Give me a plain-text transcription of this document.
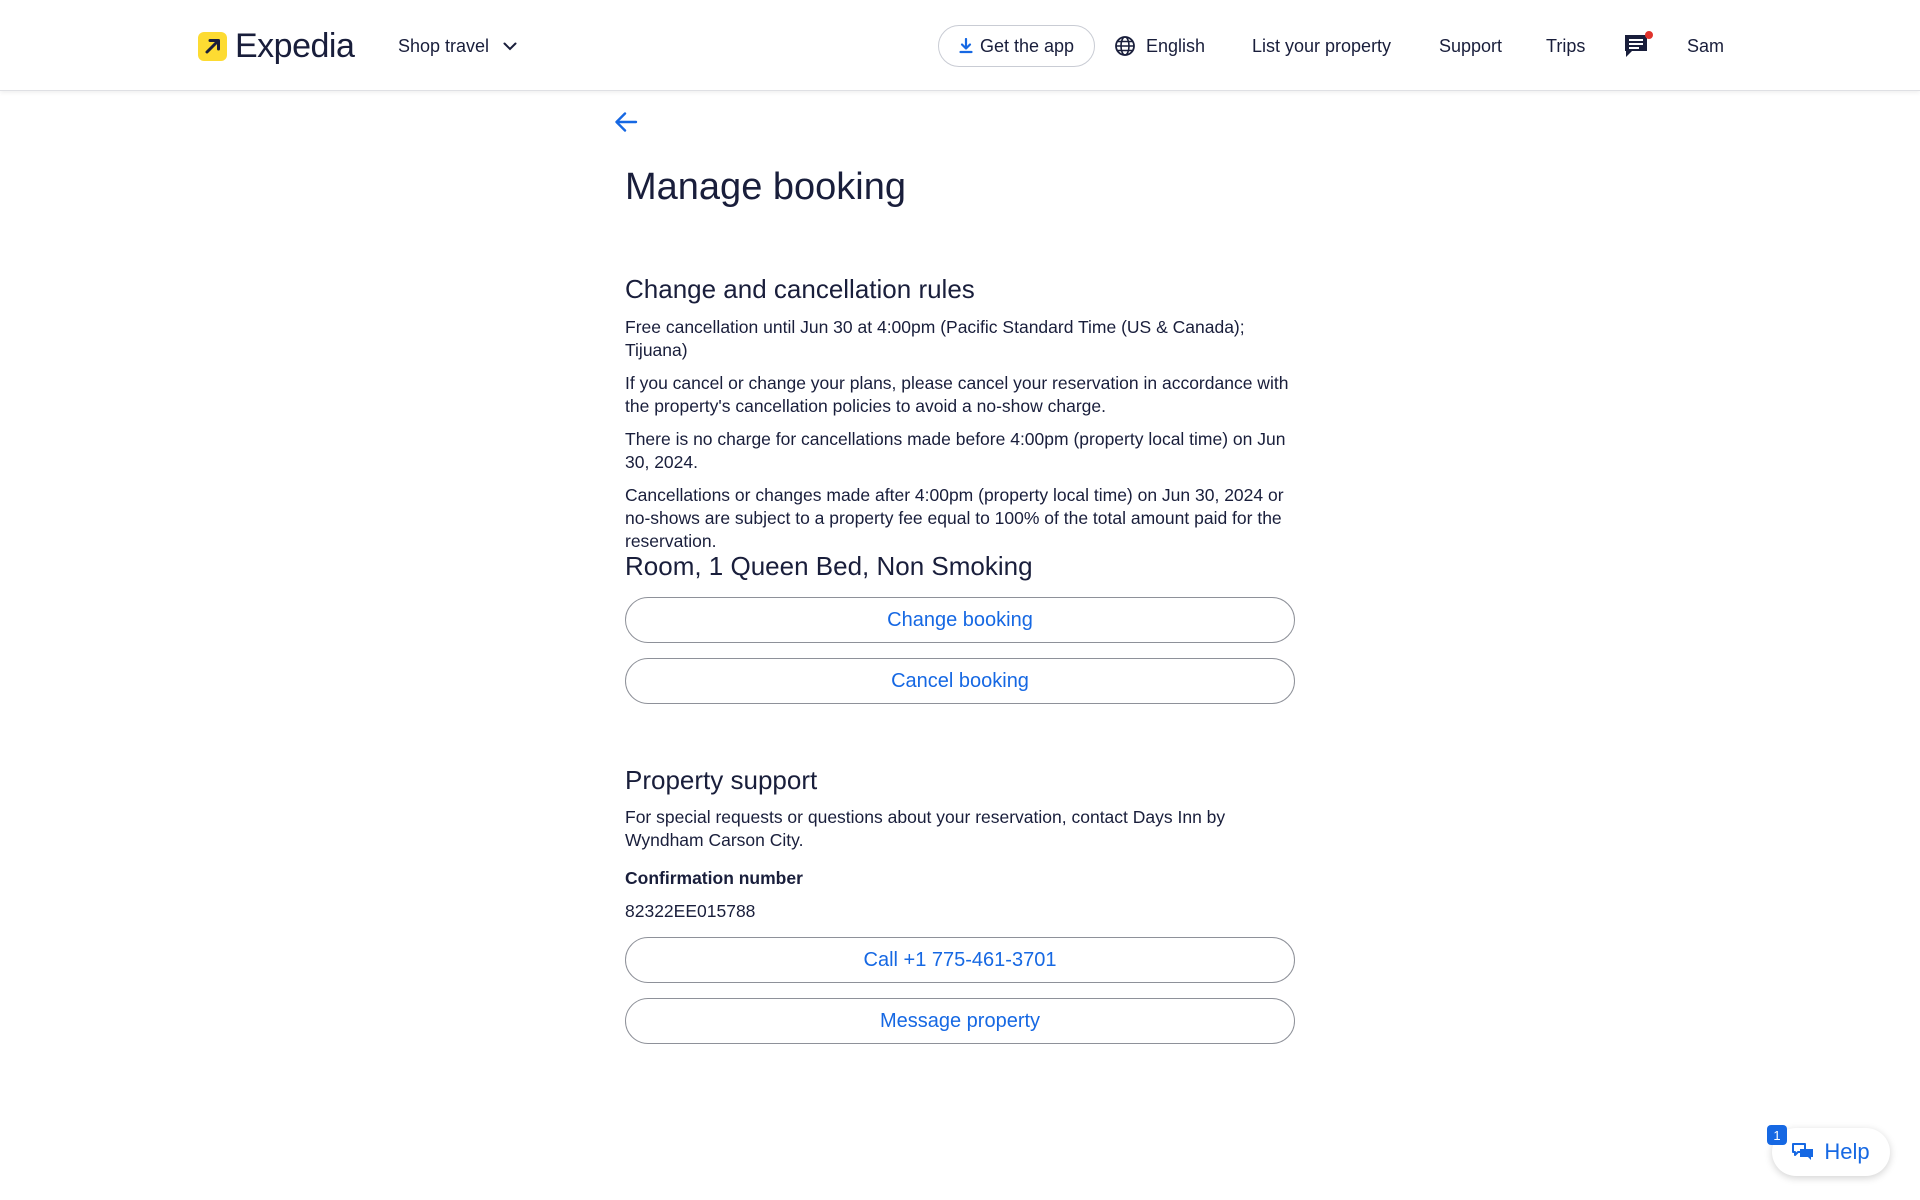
Expedia Shop travel	Get the app	English	List your property	Support Trips	Sam
Manage booking
Change and cancellation rules

Free cancellation until Jun 30 at 4:00pm (Pacific Standard Time (US & Canada); Tijuana)

If you cancel or change your plans, please cancel your reservation in accordance with the property's cancellation policies to avoid a no-show charge.

There is no charge for cancellations made before 4:00pm (property local time) on Jun 30, 2024.

Cancellations or changes made after 4:00pm (property local time) on Jun 30, 2024 or no-shows are subject to a property fee equal to 100% of the total amount paid for the reservation.

Room, 1 Queen Bed, Non Smoking
Change booking
Cancel booking
Property support

For special requests or questions about your reservation, contact Days Inn by Wyndham Carson City.

Confirmation number
82322EE015788
Call +1 775-461-3701
Message property
Help
1
